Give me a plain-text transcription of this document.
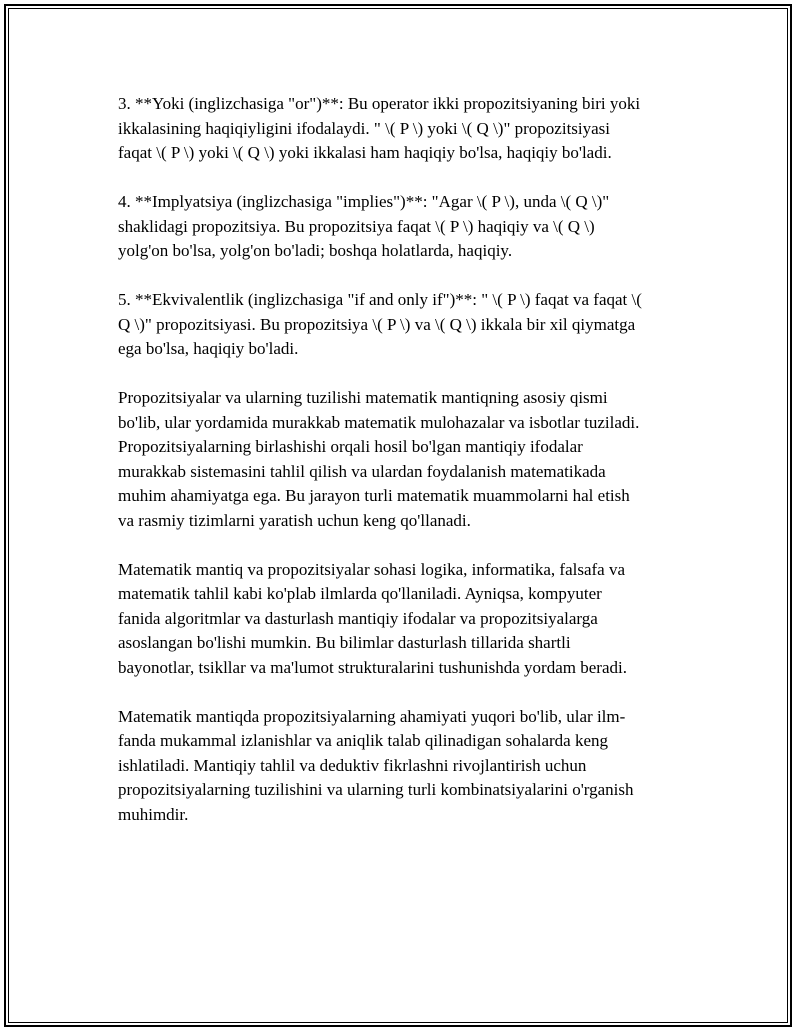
3. **Yoki (inglizchasiga "or")**: Bu operator ikki propozitsiyaning biri yoki
ikkalasining haqiqiyligini ifodalaydi. " \( P \) yoki \( Q \)" propozitsiyasi
faqat \( P \) yoki \( Q \) yoki ikkalasi ham haqiqiy bo'lsa, haqiqiy bo'ladi.

4. **Implyatsiya (inglizchasiga "implies")**: "Agar \( P \), unda \( Q \)"
shaklidagi propozitsiya. Bu propozitsiya faqat \( P \) haqiqiy va \( Q \)
yolg'on bo'lsa, yolg'on bo'ladi; boshqa holatlarda, haqiqiy.

5. **Ekvivalentlik (inglizchasiga "if and only if")**: " \( P \) faqat va faqat \(
Q \)" propozitsiyasi. Bu propozitsiya \( P \) va \( Q \) ikkala bir xil qiymatga
ega bo'lsa, haqiqiy bo'ladi.

Propozitsiyalar va ularning tuzilishi matematik mantiqning asosiy qismi
bo'lib, ular yordamida murakkab matematik mulohazalar va isbotlar tuziladi.
Propozitsiyalarning birlashishi orqali hosil bo'lgan mantiqiy ifodalar
murakkab sistemasini tahlil qilish va ulardan foydalanish matematikada
muhim ahamiyatga ega. Bu jarayon turli matematik muammolarni hal etish
va rasmiy tizimlarni yaratish uchun keng qo'llanadi.

Matematik mantiq va propozitsiyalar sohasi logika, informatika, falsafa va
matematik tahlil kabi ko'plab ilmlarda qo'llaniladi. Ayniqsa, kompyuter
fanida algoritmlar va dasturlash mantiqiy ifodalar va propozitsiyalarga
asoslangan bo'lishi mumkin. Bu bilimlar dasturlash tillarida shartli
bayonotlar, tsikllar va ma'lumot strukturalarini tushunishda yordam beradi.

Matematik mantiqda propozitsiyalarning ahamiyati yuqori bo'lib, ular ilm-
fanda mukammal izlanishlar va aniqlik talab qilinadigan sohalarda keng
ishlatiladi. Mantiqiy tahlil va deduktiv fikrlashni rivojlantirish uchun
propozitsiyalarning tuzilishini va ularning turli kombinatsiyalarini o'rganish
muhimdir.
